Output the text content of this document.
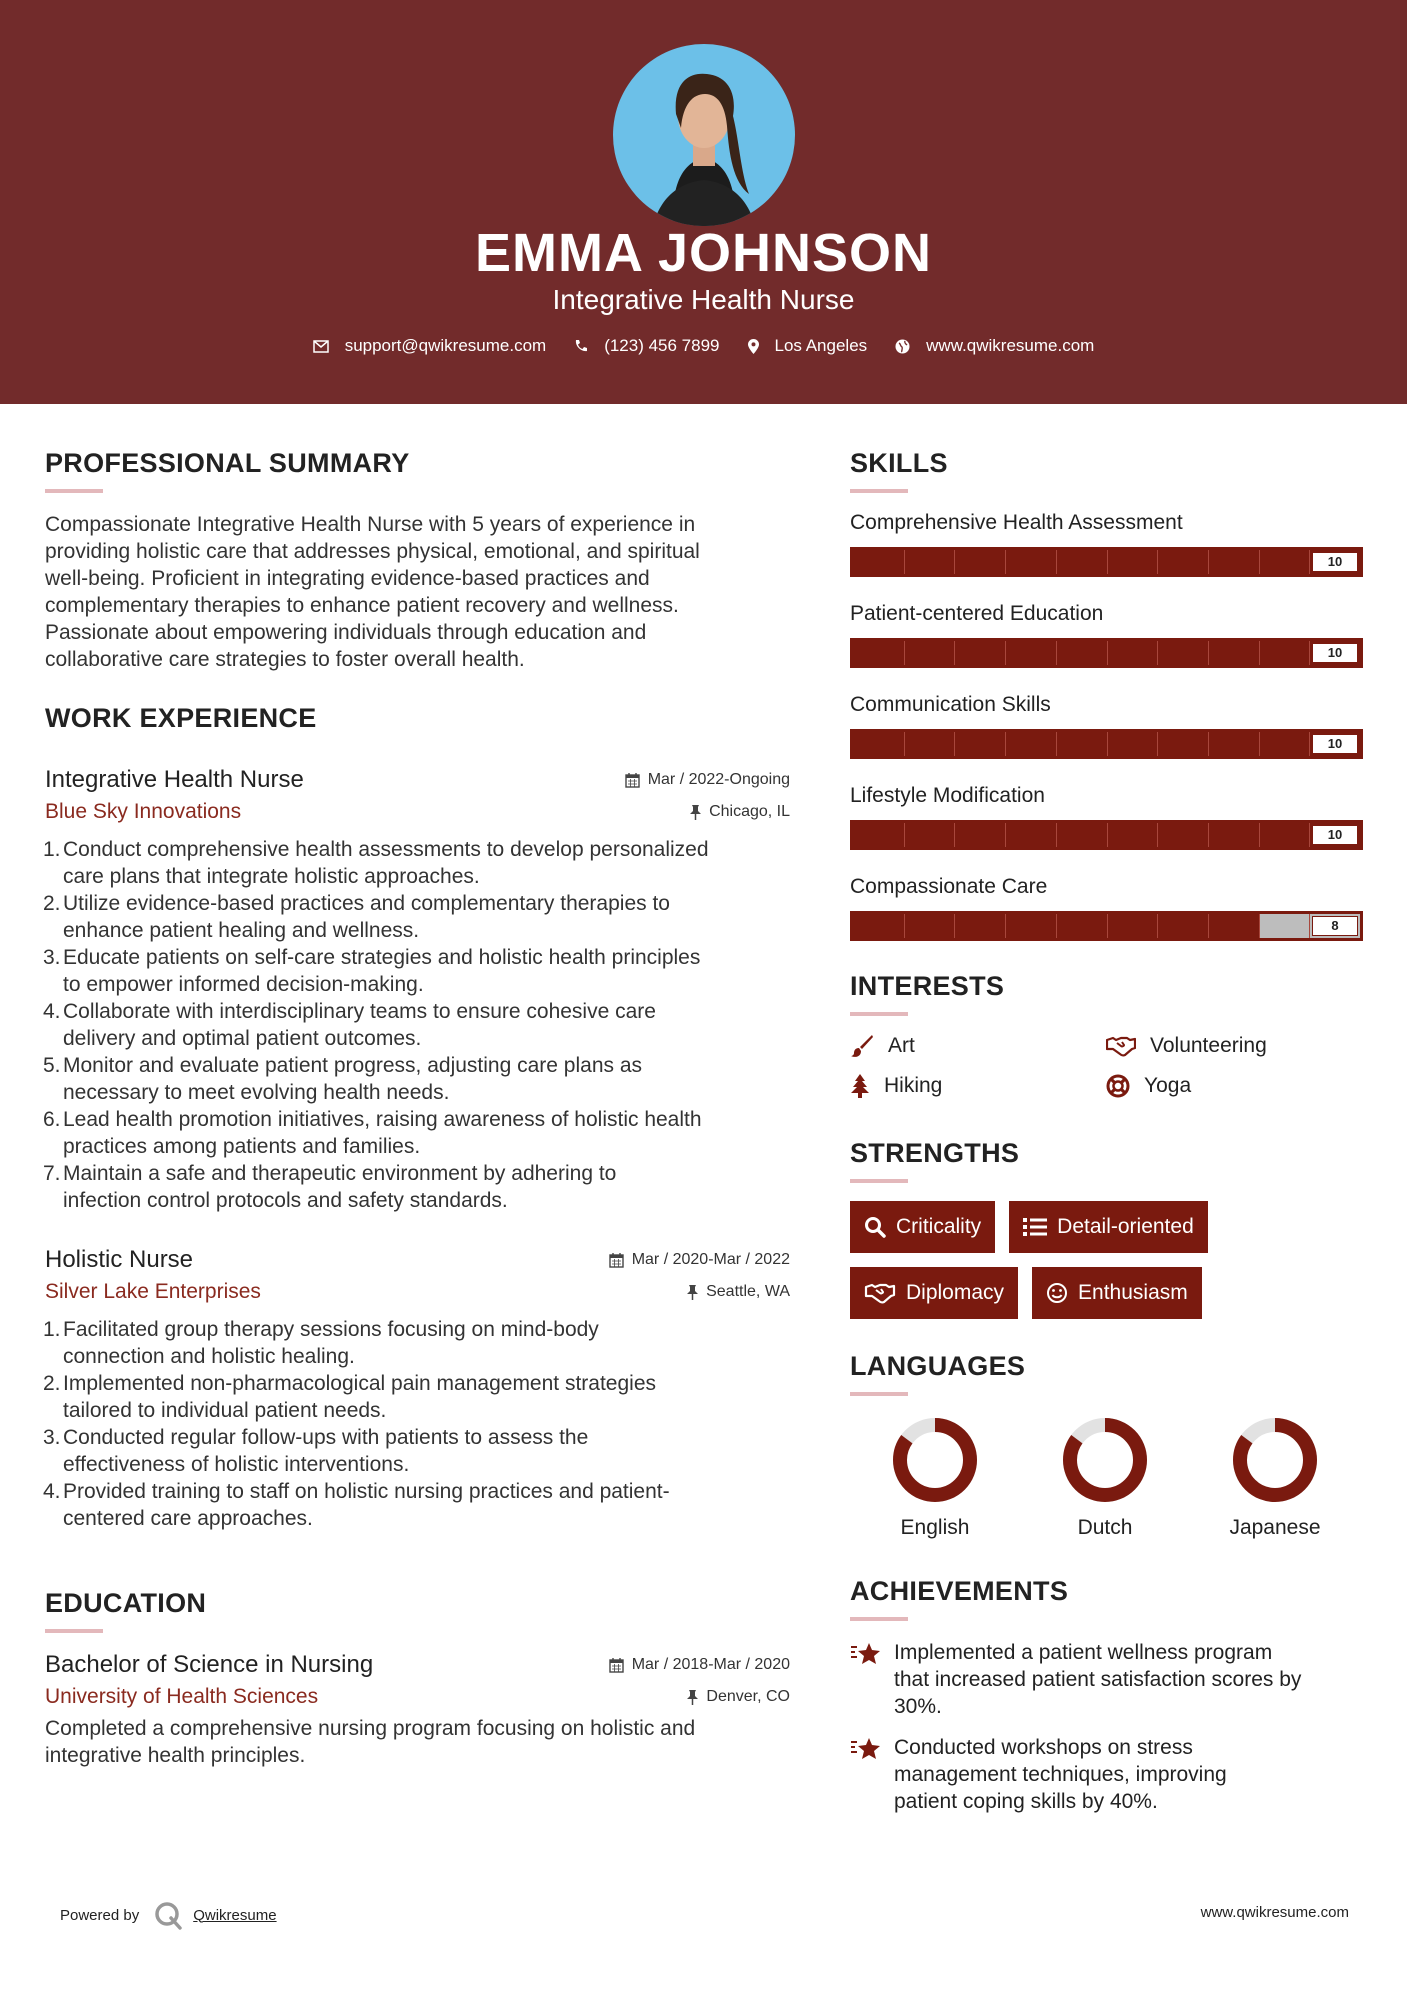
EMMA JOHNSON
Integrative Health Nurse
support@qwikresume.com	(123) 456 7899	Los Angeles	www.qwikresume.com
PROFESSIONAL SUMMARY
Compassionate Integrative Health Nurse with 5 years of experience in
providing holistic care that addresses physical, emotional, and spiritual
well-being. Proficient in integrating evidence-based practices and
complementary therapies to enhance patient recovery and wellness.
Passionate about empowering individuals through education and
collaborative care strategies to foster overall health.
WORK EXPERIENCE
Integrative Health Nurse	Mar / 2022-Ongoing
Blue Sky Innovations	Chicago, IL
1. Conduct comprehensive health assessments to develop personalized
care plans that integrate holistic approaches.
2. Utilize evidence-based practices and complementary therapies to
enhance patient healing and wellness.
3. Educate patients on self-care strategies and holistic health principles
to empower informed decision-making.
4. Collaborate with interdisciplinary teams to ensure cohesive care
delivery and optimal patient outcomes.
5. Monitor and evaluate patient progress, adjusting care plans as
necessary to meet evolving health needs.
6. Lead health promotion initiatives, raising awareness of holistic health
practices among patients and families.
7. Maintain a safe and therapeutic environment by adhering to
infection control protocols and safety standards.
Holistic Nurse	Mar / 2020-Mar / 2022
Silver Lake Enterprises	Seattle, WA
1. Facilitated group therapy sessions focusing on mind-body
connection and holistic healing.
2. Implemented non-pharmacological pain management strategies
tailored to individual patient needs.
3. Conducted regular follow-ups with patients to assess the
effectiveness of holistic interventions.
4. Provided training to staff on holistic nursing practices and patient-
centered care approaches.
EDUCATION
Bachelor of Science in Nursing	Mar / 2018-Mar / 2020
University of Health Sciences	Denver, CO
Completed a comprehensive nursing program focusing on holistic and
integrative health principles.
SKILLS
Comprehensive Health Assessment
10
Patient-centered Education
10
Communication Skills
10
Lifestyle Modification
10
Compassionate Care
8
INTERESTS
Art	Volunteering
Hiking	Yoga
STRENGTHS
Criticality	Detail-oriented
Diplomacy	Enthusiasm
LANGUAGES
English	Dutch	Japanese
ACHIEVEMENTS
Implemented a patient wellness program
that increased patient satisfaction scores by
30%.
Conducted workshops on stress
management techniques, improving
patient coping skills by 40%.
Powered by	Qwikresume	www.qwikresume.com
